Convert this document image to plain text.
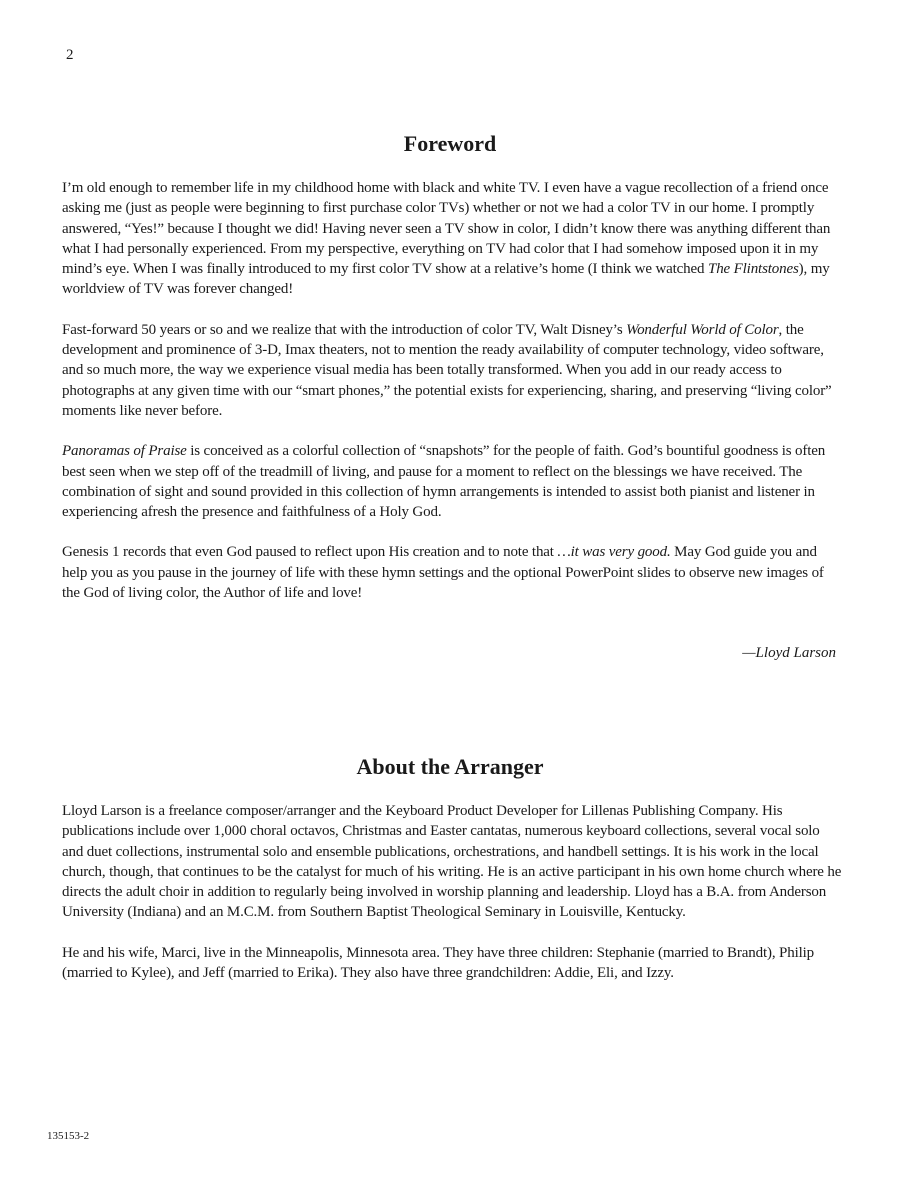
2
Foreword

I’m old enough to remember life in my childhood home with black and white TV. I even have a vague recollection of a friend once asking me (just as people were beginning to first purchase color TVs) whether or not we had a color TV in our home. I promptly answered, “Yes!” because I thought we did! Having never seen a TV show in color, I didn’t know there was anything different than what I had personally experienced. From my perspective, everything on TV had color that I had somehow imposed upon it in my mind’s eye. When I was finally introduced to my first color TV show at a relative’s home (I think we watched The Flintstones), my worldview of TV was forever changed!

Fast-forward 50 years or so and we realize that with the introduction of color TV, Walt Disney’s Wonderful World of Color, the development and prominence of 3-D, Imax theaters, not to mention the ready availability of computer technology, video software, and so much more, the way we experience visual media has been totally transformed. When you add in our ready access to photographs at any given time with our “smart phones,” the potential exists for experiencing, sharing, and preserving “living color” moments like never before.

Panoramas of Praise is conceived as a colorful collection of “snapshots” for the people of faith. God’s bountiful goodness is often best seen when we step off of the treadmill of living, and pause for a moment to reflect on the blessings we have received. The combination of sight and sound provided in this collection of hymn arrangements is intended to assist both pianist and listener in experiencing afresh the presence and faithfulness of a Holy God.

Genesis 1 records that even God paused to reflect upon His creation and to note that …it was very good. May God guide you and help you as you pause in the journey of life with these hymn settings and the optional PowerPoint slides to observe new images of the God of living color, the Author of life and love!

—Lloyd Larson
About the Arranger

Lloyd Larson is a freelance composer/arranger and the Keyboard Product Developer for Lillenas Publishing Company. His publications include over 1,000 choral octavos, Christmas and Easter cantatas, numerous keyboard collections, several vocal solo and duet collections, instrumental solo and ensemble publications, orchestrations, and handbell settings. It is his work in the local church, though, that continues to be the catalyst for much of his writing. He is an active participant in his own home church where he directs the adult choir in addition to regularly being involved in worship planning and leadership. Lloyd has a B.A. from Anderson University (Indiana) and an M.C.M. from Southern Baptist Theological Seminary in Louisville, Kentucky.

He and his wife, Marci, live in the Minneapolis, Minnesota area. They have three children: Stephanie (married to Brandt), Philip (married to Kylee), and Jeff (married to Erika). They also have three grandchildren: Addie, Eli, and Izzy.

135153-2
